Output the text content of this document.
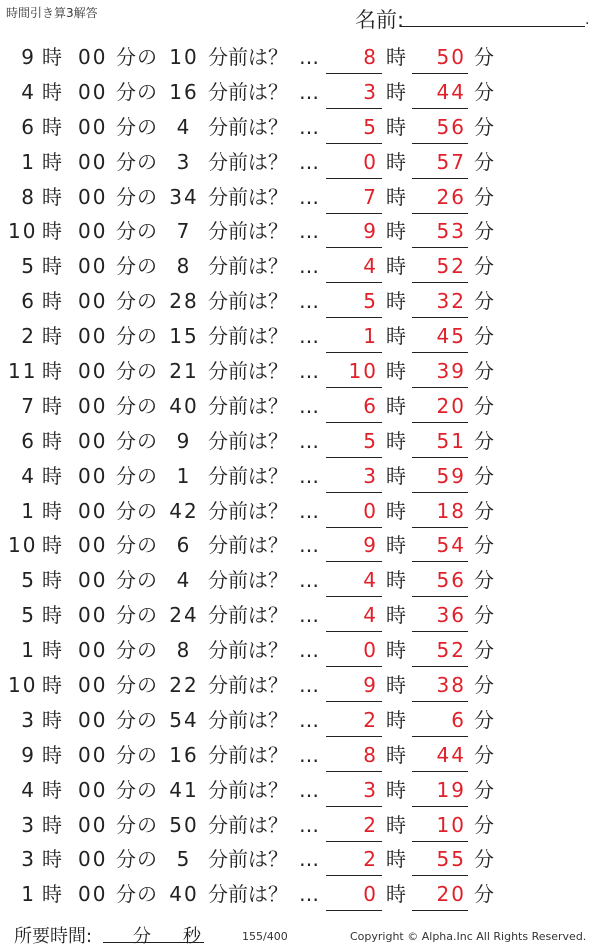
時間引き算3解答	名前:	.
9 時 00 分 の 10 分前は？ …	8 時	50 分
4 時 00 分 の 16 分前は？ …	3 時	44 分
6 時 00 分 の 4 分前は？ …	5 時	56 分
1 時 00 分 の 3 分前は？ …	0 時	57 分
8 時 00 分 の 34 分前は？ …	7 時	26 分
10 時 00 分 の 7 分前は？ …	9 時	53 分
5 時 00 分 の 8 分前は？ …	4 時	52 分
6 時 00 分 の 28 分前は？ …	5 時	32 分
2 時 00 分 の 15 分前は？ …	1 時	45 分
11 時 00 分 の 21 分前は？ …	10 時	39 分
7 時 00 分 の 40 分前は？ …	6 時	20 分
6 時 00 分 の 9 分前は？ …	5 時	51 分
4 時 00 分 の 1 分前は？ …	3 時	59 分
1 時 00 分 の 42 分前は？ …	0 時	18 分
10 時 00 分 の 6 分前は？ …	9 時	54 分
5 時 00 分 の 4 分前は？ …	4 時	56 分
5 時 00 分 の 24 分前は？ …	4 時	36 分
1 時 00 分 の 8 分前は？ …	0 時	52 分
10 時 00 分 の 22 分前は？ …	9 時	38 分
3 時 00 分 の 54 分前は？ …	2 時	6 分
9 時 00 分 の 16 分前は？ …	8 時	44 分
4 時 00 分 の 41 分前は？ …	3 時	19 分
3 時 00 分 の 50 分前は？ …	2 時	10 分
3 時 00 分 の 5 分前は？ …	2 時	55 分
1 時 00 分 の 40 分前は？ …	0 時	20 分
所要時間: 分 秒	155/400	Copyright © Alpha.Inc All Rights Reserved.
